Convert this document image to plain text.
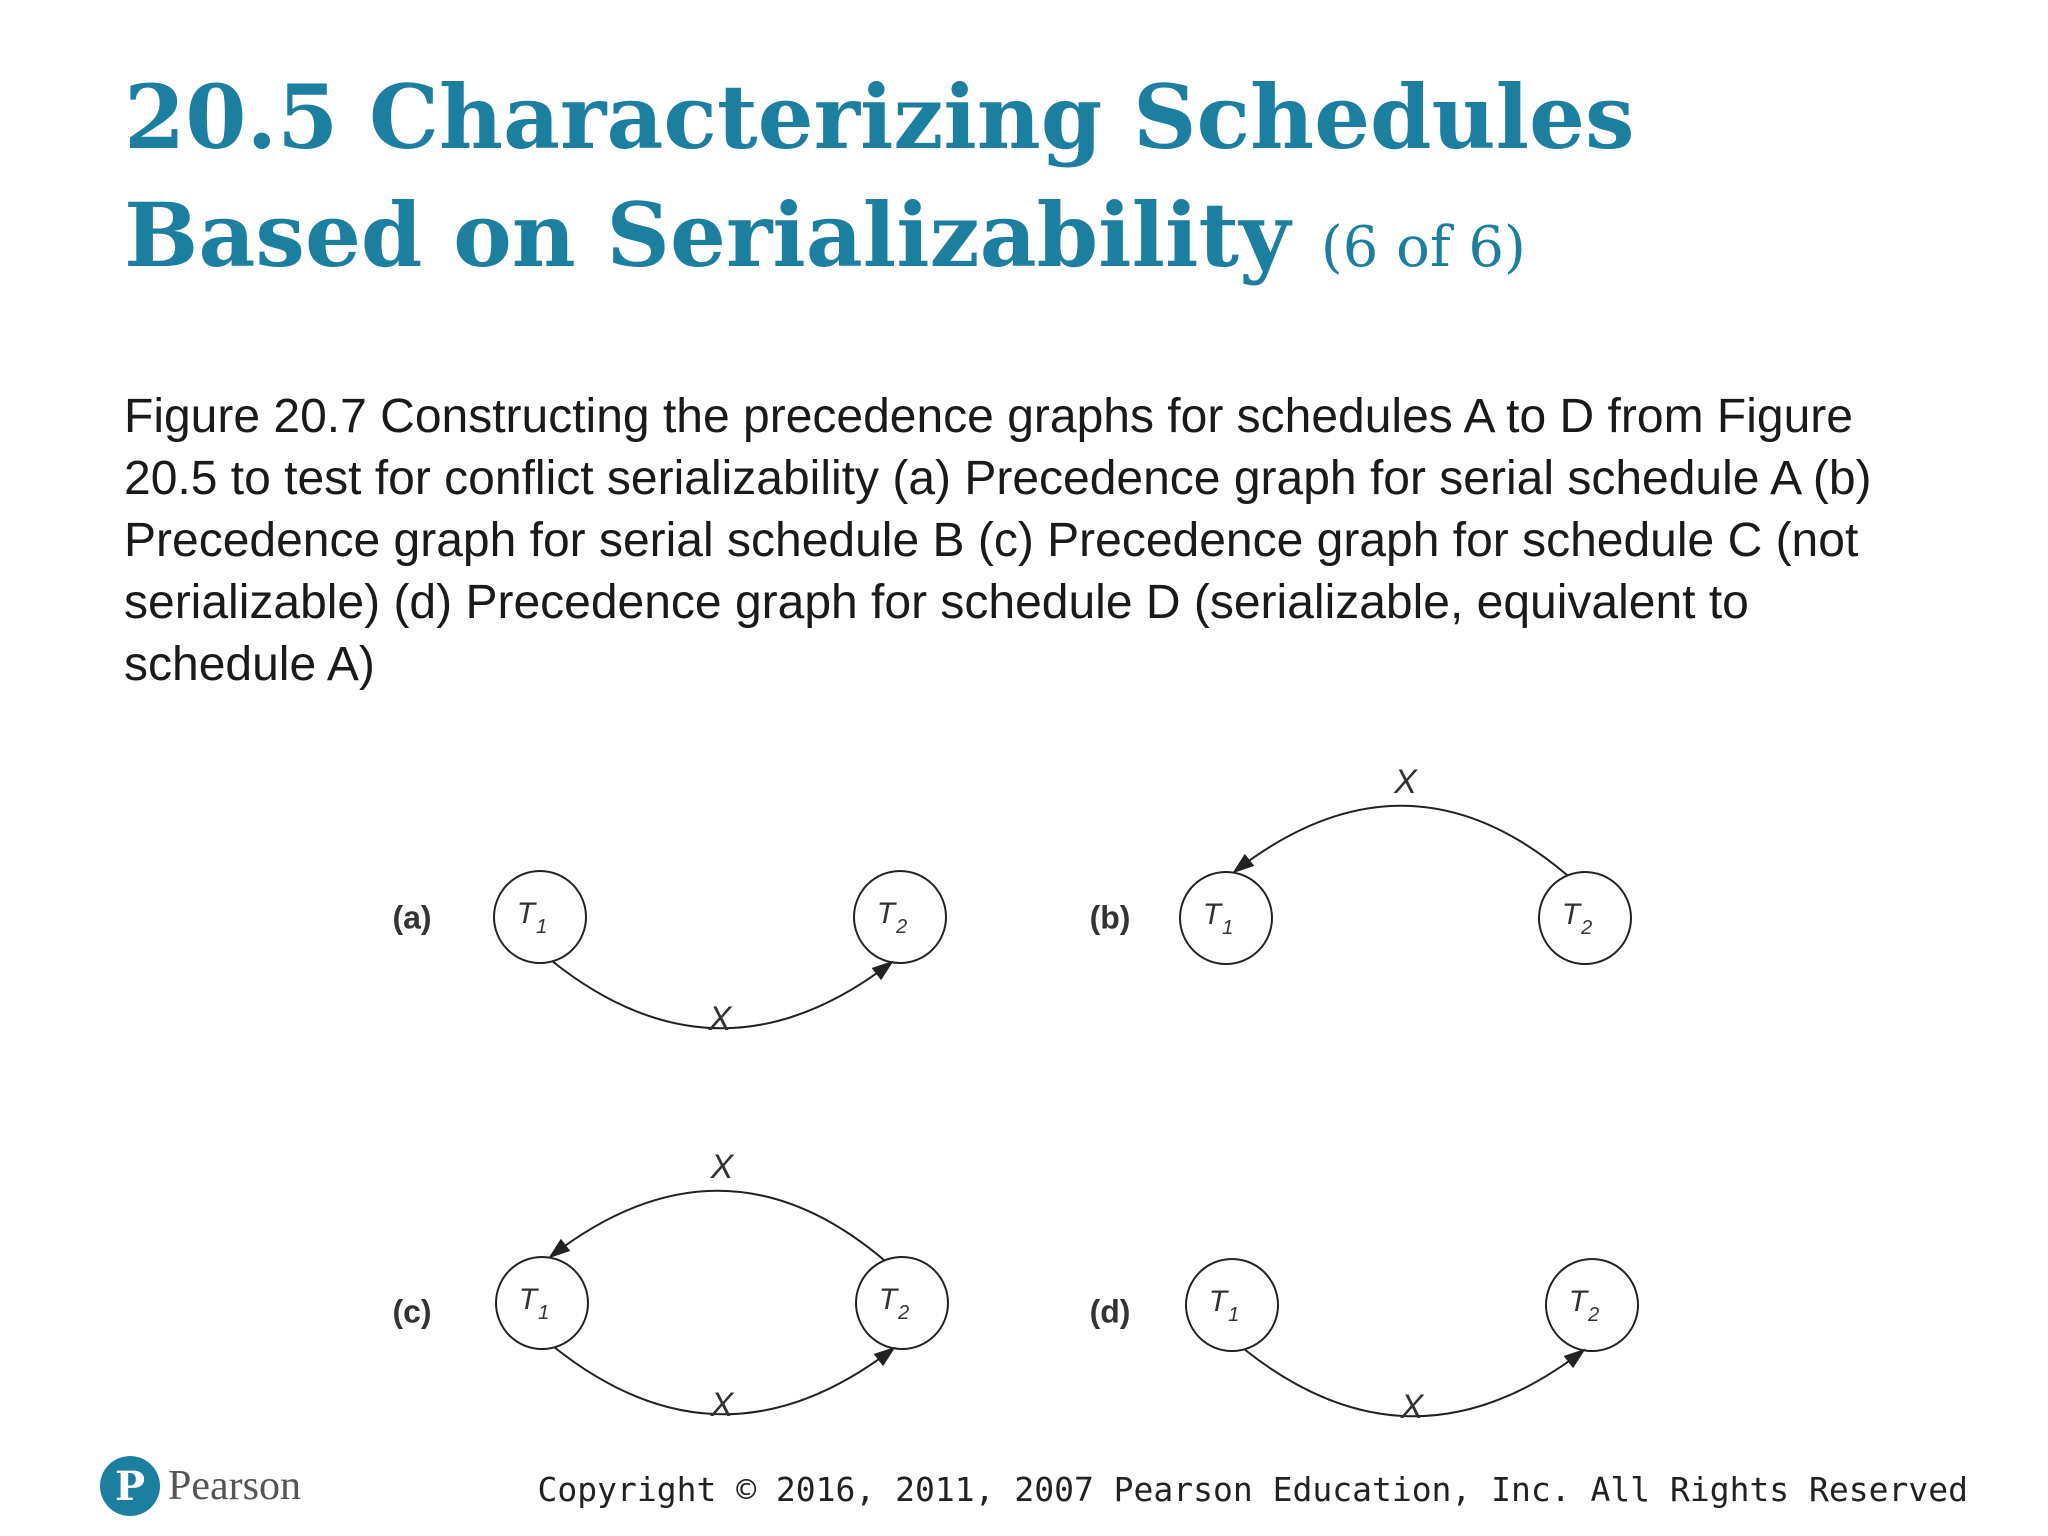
20.5 Characterizing Schedules Based on Serializability (6 of 6)

Figure 20.7 Constructing the precedence graphs for schedules A to D from Figure 20.5 to test for conflict serializability (a) Precedence graph for serial schedule A (b) Precedence graph for serial schedule B (c) Precedence graph for schedule C (not serializable) (d) Precedence graph for schedule D (serializable, equivalent to schedule A)

(a)	$T_1$	$T_2$
X
(b) $T_1$	$T_2$
X
(c)	$T_1$	$T_2$
X
X
(d)	$T_1$	$T_2$
X
P Pearson	Copyright © 2016, 2011, 2007 Pearson Education, Inc. All Rights Reserved
